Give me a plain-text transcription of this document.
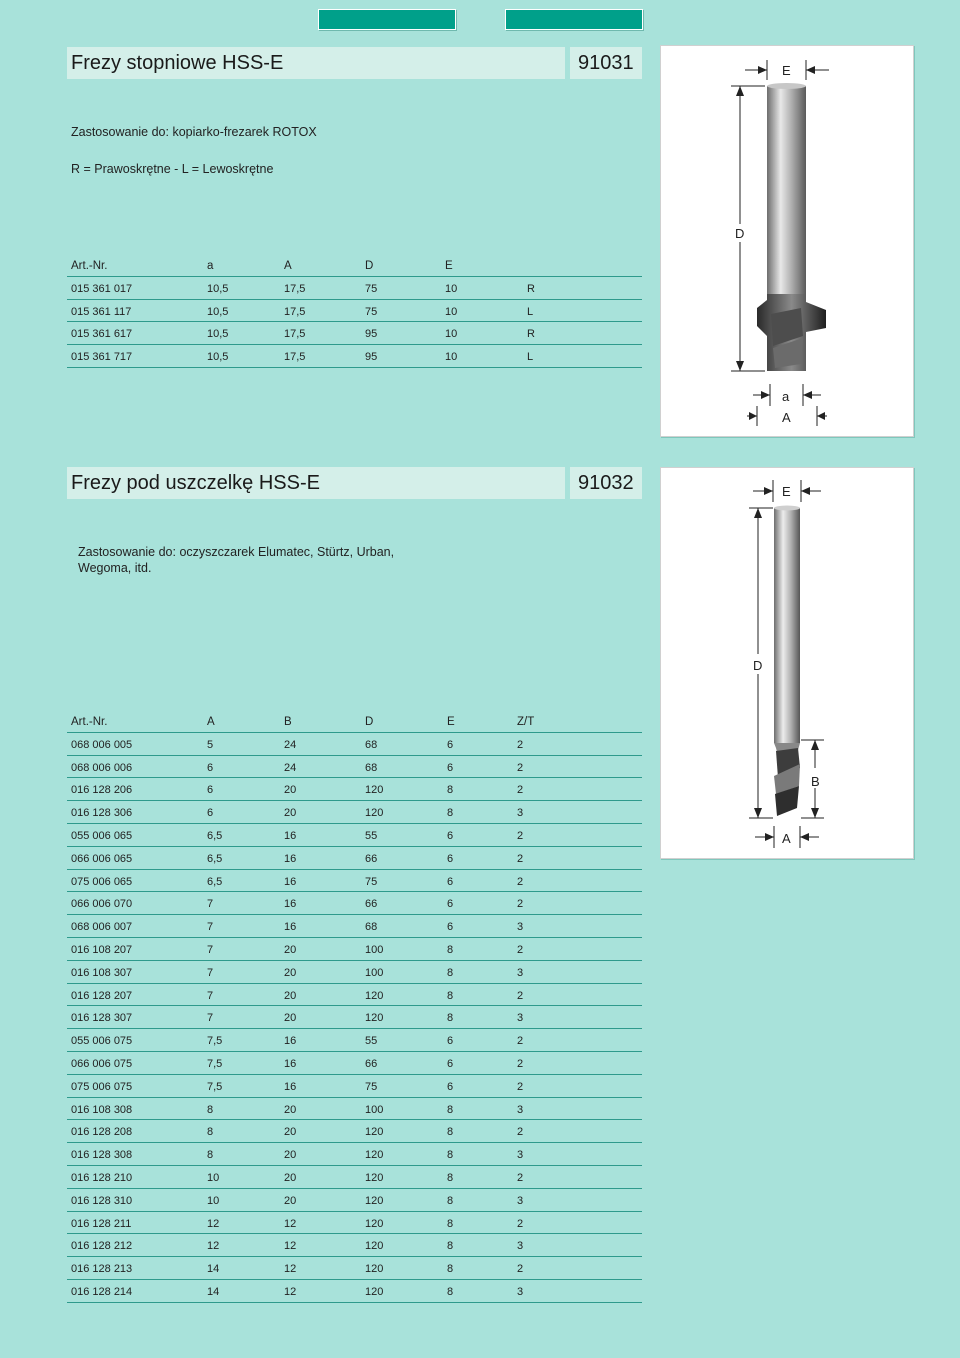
Frezy stopniowe HSS-E	91031
Zastosowanie do: kopiarko-frezarek ROTOX
R = Prawoskrętne - L = Lewoskrętne
Art.-Nr.	a	A	D	E
015 361 017	10,5	17,5	75	10	R
015 361 117	10,5	17,5	75	10	L
015 361 617	10,5	17,5	95	10	R
015 361 717	10,5	17,5	95	10	L
E
D
a
A
Frezy pod uszczelkę HSS-E	91032
Zastosowanie do: oczyszczarek Elumatec, Stürtz, Urban,
Wegoma, itd.
Art.-Nr.	A	B	D	E	Z/T
068 006 005	5	24	68	6	2
068 006 006	6	24	68	6	2
016 128 206	6	20	120	8	2
016 128 306	6	20	120	8	3
055 006 065	6,5	16	55	6	2
066 006 065	6,5	16	66	6	2
075 006 065	6,5	16	75	6	2
066 006 070	7	16	66	6	2
068 006 007	7	16	68	6	3
016 108 207	7	20	100	8	2
016 108 307	7	20	100	8	3
016 128 207	7	20	120	8	2
016 128 307	7	20	120	8	3
055 006 075	7,5	16	55	6	2
066 006 075	7,5	16	66	6	2
075 006 075	7,5	16	75	6	2
016 108 308	8	20	100	8	3
016 128 208	8	20	120	8	2
016 128 308	8	20	120	8	3
016 128 210	10	20	120	8	2
016 128 310	10	20	120	8	3
016 128 211	12	12	120	8	2
016 128 212	12	12	120	8	3
016 128 213	14	12	120	8	2
016 128 214	14	12	120	8	3
E
D
B
A
